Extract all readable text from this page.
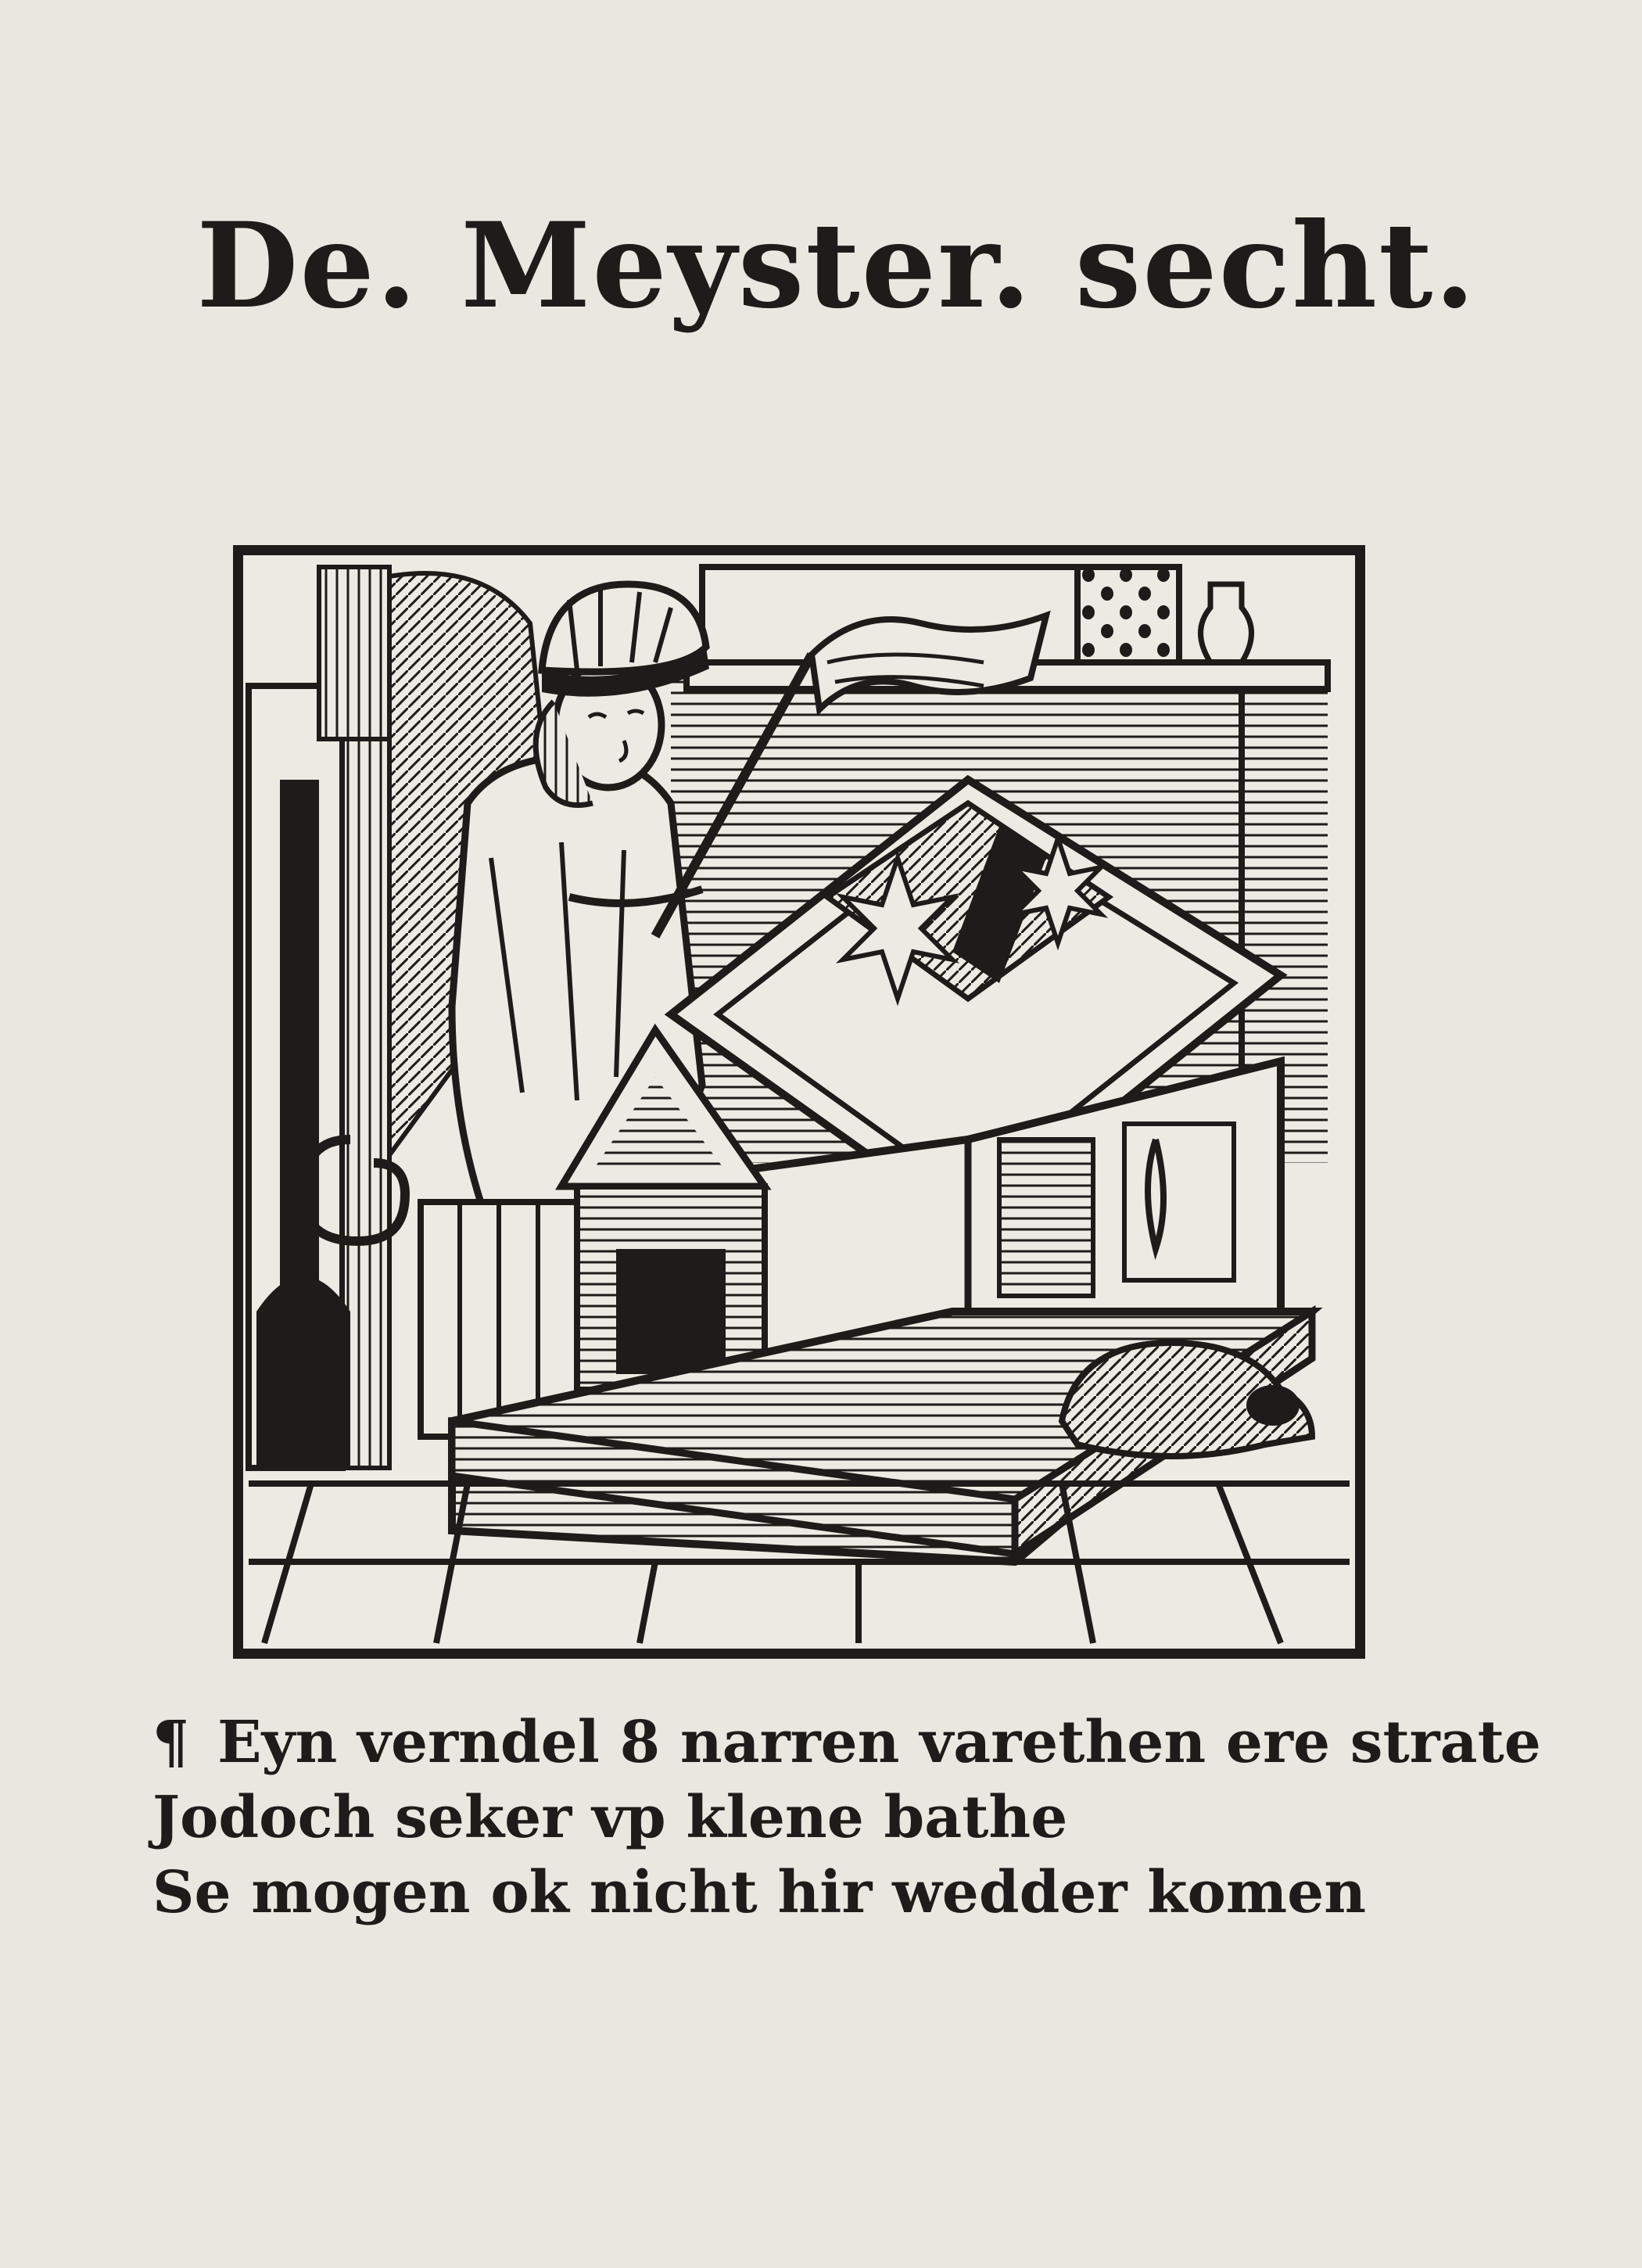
De. Meyster. secht.
¶ Eyn verndel 8 narren varethen ere strate
Jodoch seker vp klene bathe
Se mogen ok nicht hir wedder komen
